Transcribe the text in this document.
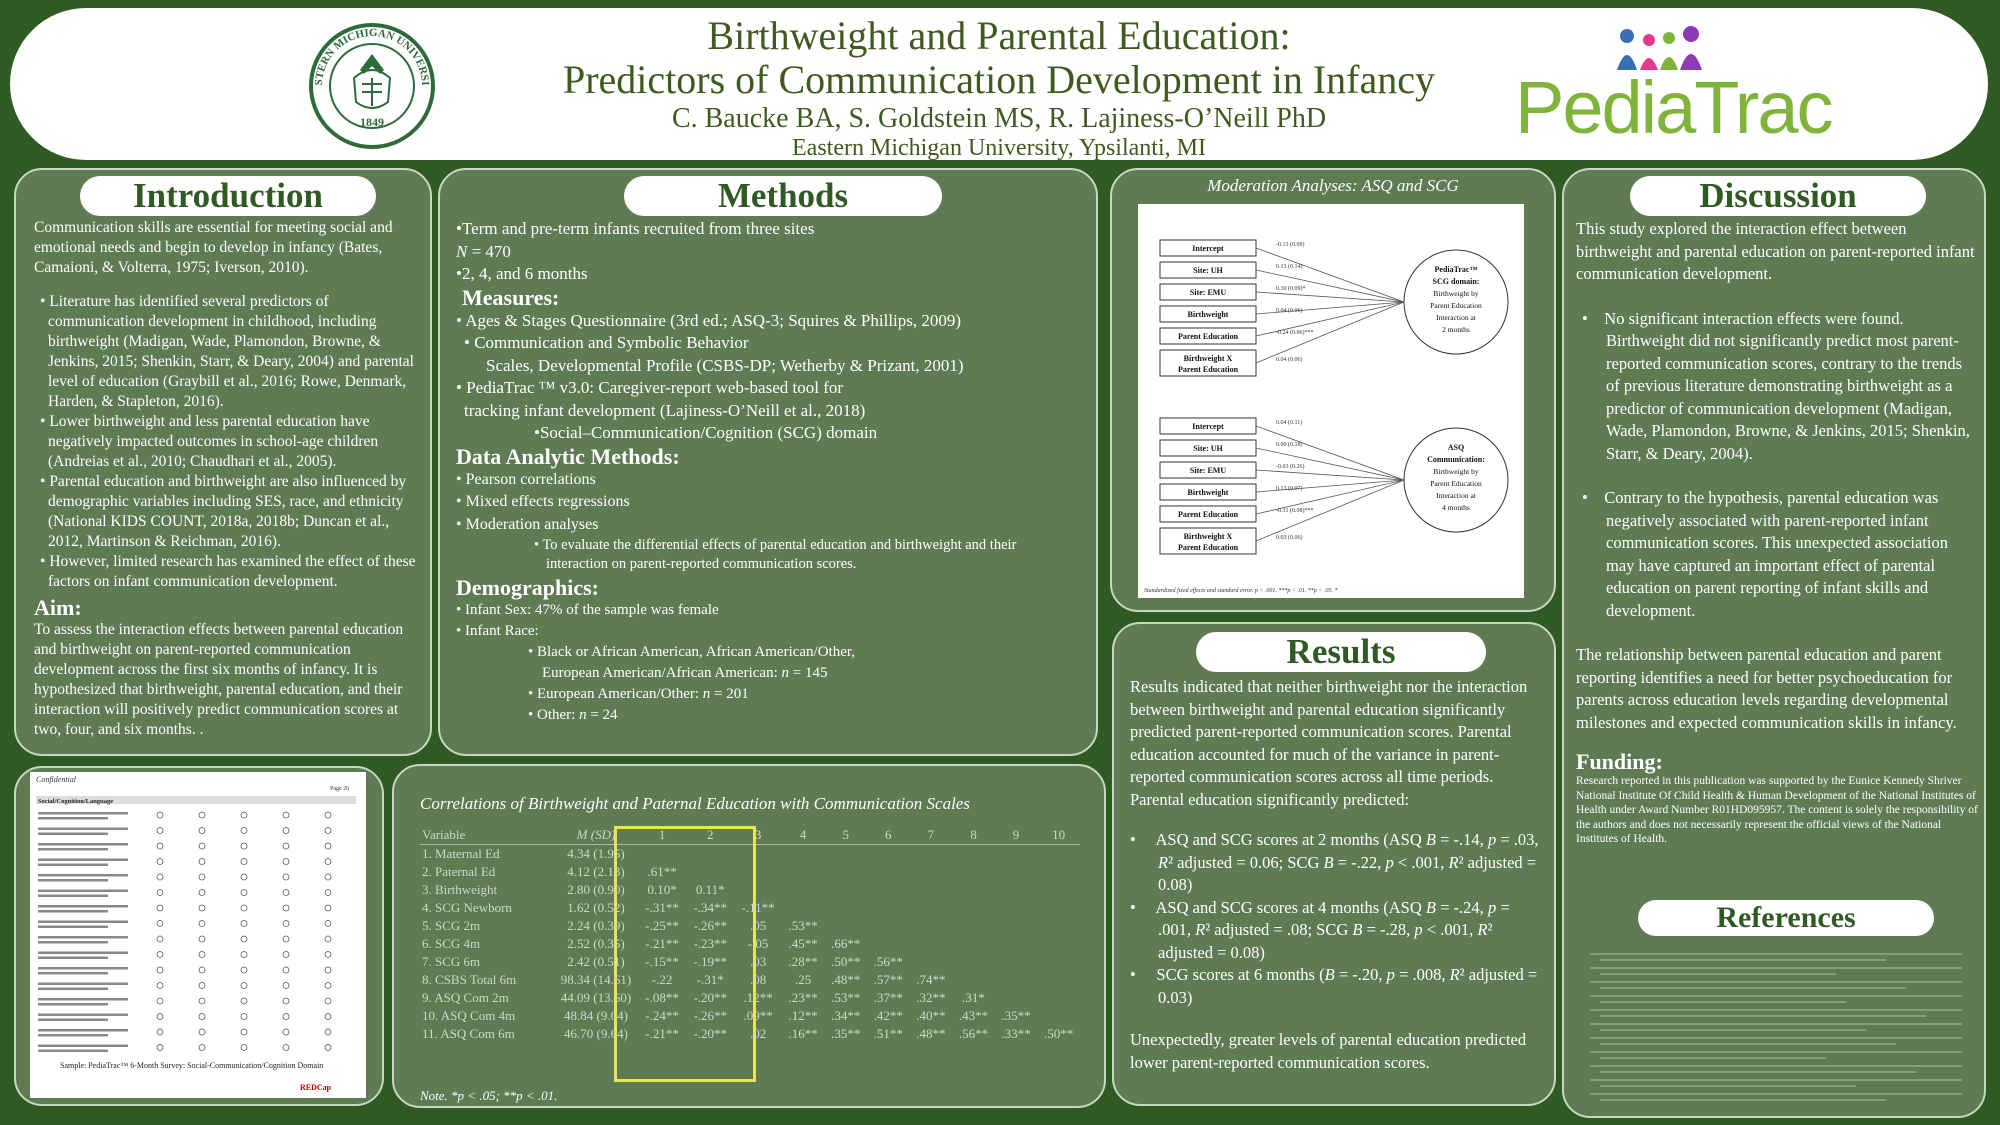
STERN MICHIGAN UNIVERSI
1849
Birthweight and Parental Education:
Predictors of Communication Development in Infancy
C. Baucke BA, S. Goldstein MS, R. Lajiness-O’Neill PhD
Eastern Michigan University, Ypsilanti, MI	PediaTrac
Introduction

Communication skills are essential for meeting social and emotional needs and begin to develop in infancy (Bates, Camaioni, & Volterra, 1975; Iverson, 2010).

• Literature has identified several predictors of communication development in childhood, including birthweight (Madigan, Wade, Plamondon, Browne, & Jenkins, 2015; Shenkin, Starr, & Deary, 2004) and parental level of education (Graybill et al., 2016; Rowe, Denmark, Harden, & Stapleton, 2016).
• Lower birthweight and less parental education have negatively impacted outcomes in school-age children (Andreias et al., 2010; Chaudhari et al., 2005).
• Parental education and birthweight are also influenced by demographic variables including SES, race, and ethnicity (National KIDS COUNT, 2018a, 2018b; Duncan et al., 2012, Martinson & Reichman, 2016).
• However, limited research has examined the effect of these factors on infant communication development.
Aim:

To assess the interaction effects between parental education and birthweight on parent-reported communication development across the first six months of infancy. It is hypothesized that birthweight, parental education, and their interaction will positively predict communication scores at two, four, and six months. .

Methods
•Term and pre-term infants recruited from three sites
N = 470
•2, 4, and 6 months
Measures:
• Ages & Stages Questionnaire (3rd ed.; ASQ-3; Squires & Phillips, 2009)
• Communication and Symbolic Behavior
Scales, Developmental Profile (CSBS-DP; Wetherby & Prizant, 2001)
• PediaTrac ™ v3.0: Caregiver-report web-based tool for
tracking infant development (Lajiness-O’Neill et al., 2018)
•Social–Communication/Cognition (SCG) domain
Data Analytic Methods:
• Pearson correlations
• Mixed effects regressions
• Moderation analyses
• To evaluate the differential effects of parental education and birthweight and their
interaction on parent-reported communication scores.
Demographics:
• Infant Sex: 47% of the sample was female
• Infant Race:
• Black or African American, African American/Other,
European American/African American: n = 145
• European American/Other: n = 201
• Other: n = 24
Moderation Analyses: ASQ and SCG
Intercept	-0.13 (0.09)
Site: UH	0.13 (0.14)
Site: EMU	0.30 (0.09)*
Birthweight	0.04 (0.06)
Parent Education	-0.24 (0.06)***
Birthweight X
Parent Education
0.04 (0.06)
PediaTrac™
SCG domain:
Birthweight by
Parent Education
Interaction at
2 months
Intercept	0.04 (0.11)
Site: UH	0.00 (0.18)
Site: EMU	-0.03 (0.26)
Birthweight	0.13 (0.07)
Parent Education	-0.31 (0.08)***
Birthweight X
Parent Education
0.03 (0.06)
ASQ
Communication:
Birthweight by
Parent Education
Interaction at
4 months
Standardized fixed effects and standard error. p < .001. ***p < .01. **p < .05. *
Results

Results indicated that neither birthweight nor the interaction between birthweight and parental education significantly predicted parent-reported communication scores. Parental education accounted for much of the variance in parent-reported communication scores across all time periods. Parental education significantly predicted:

•     ASQ and SCG scores at 2 months (ASQ B = -.14, p = .03, R² adjusted = 0.06; SCG B = -.22, p < .001, R² adjusted = 0.08)
•     ASQ and SCG scores at 4 months (ASQ B = -.24, p = .001, R² adjusted = .08; SCG B = -.28, p < .001, R² adjusted = 0.08)
•     SCG scores at 6 months (B = -.20, p = .008, R² adjusted = 0.03)

Unexpectedly, greater levels of parental education predicted lower parent-reported communication scores.

Discussion

This study explored the interaction effect between birthweight and parental education on parent-reported infant communication development.

•    No significant interaction effects were found. Birthweight did not significantly predict most parent-reported communication scores, contrary to the trends of previous literature demonstrating birthweight as a predictor of communication development (Madigan, Wade, Plamondon, Browne, & Jenkins, 2015; Shenkin, Starr, & Deary, 2004).
•    Contrary to the hypothesis, parental education was negatively associated with parent-reported infant communication scores. This unexpected association may have captured an important effect of parental education on parent reporting of infant skills and development.

The relationship between parental education and parent reporting identifies a need for better psychoeducation for parents across education levels regarding developmental milestones and expected communication skills in infancy.

Funding:

Research reported in this publication was supported by the Eunice Kennedy Shriver National Institute Of Child Health & Human Development of the National Institutes of Health under Award Number R01HD095957. The content is solely the responsibility of the authors and does not necessarily represent the official views of the National Institutes of Health.

References
Confidential
Page 26
Social/Cognition/Language
Sample: PediaTrac™ 6-Month Survey: Social-Communication/Cognition Domain
REDCap
Correlations of Birthweight and Paternal Education with Communication Scales
Variable	M (SD)	1	2	3	4	5	6	7	8	9	10
1. Maternal Ed	4.34 (1.95)										
2. Paternal Ed	4.12 (2.13)	.61**									
3. Birthweight	2.80 (0.90)	0.10*	0.11*								
4. SCG Newborn	1.62 (0.52)	-.31**	-.34**	-.11**							
5. SCG 2m	2.24 (0.39)	-.25**	-.26**	.05	.53**						
6. SCG 4m	2.52 (0.35)	-.21**	-.23**	-.05	.45**	.66**					
7. SCG 6m	2.42 (0.51)	-.15**	-.19**	.03	.28**	.50**	.56**				
8. CSBS Total 6m	98.34 (14.61)	-.22	-.31*	.08	.25	.48**	.57**	.74**			
9. ASQ Com 2m	44.09 (13.60)	-.08**	-.20**	.12**	.23**	.53**	.37**	.32**	.31*		
10. ASQ Com 4m	48.84 (9.04)	-.24**	-.26**	.09**	.12**	.34**	.42**	.40**	.43**	.35**	
11. ASQ Com 6m	46.70 (9.64)	-.21**	-.20**	.02	.16**	.35**	.51**	.48**	.56**	.33**	.50**
Note. *p < .05; **p < .01.
